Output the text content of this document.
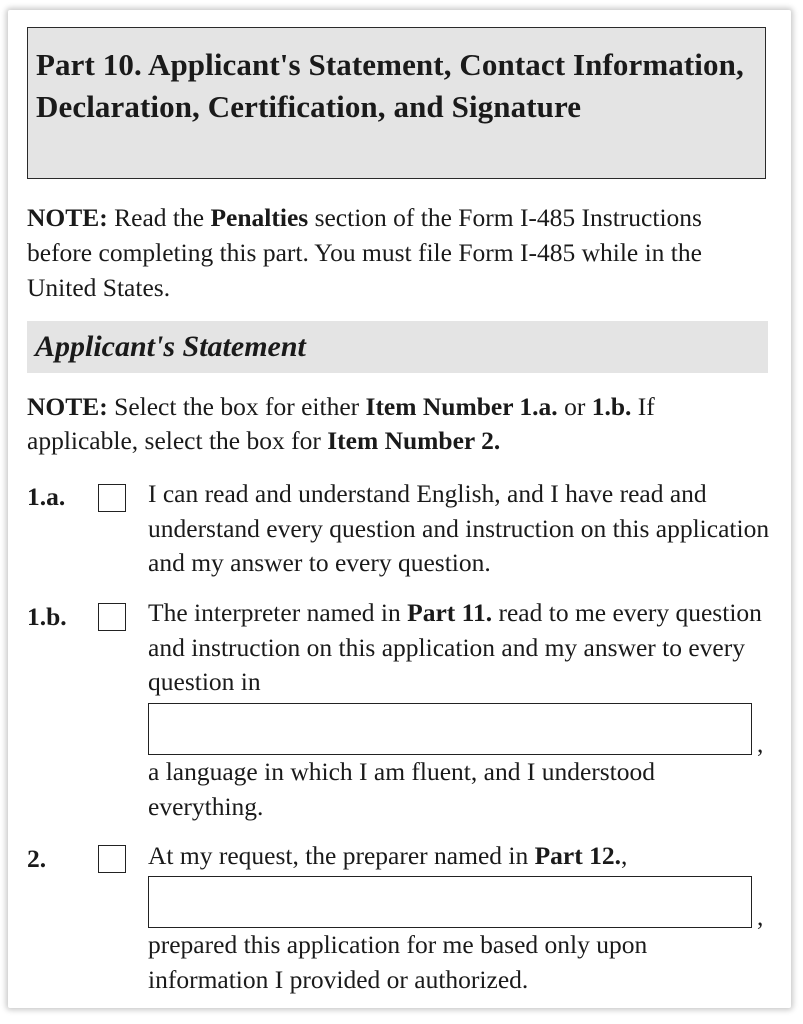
Part 10. Applicant's Statement, Contact Information, Declaration, Certification, and Signature
NOTE: Read the Penalties section of the Form I-485 Instructions before completing this part. You must file Form I-485 while in the United States.
Applicant's Statement
NOTE: Select the box for either Item Number 1.a. or 1.b. If applicable, select the box for Item Number 2.
1.a.	I can read and understand English, and I have read and understand every question and instruction on this application and my answer to every question.
1.b.	The interpreter named in Part 11. read to me every question and instruction on this application and my answer to every question in
,
a language in which I am fluent, and I understood everything.
2.	At my request, the preparer named in Part 12.,
,
prepared this application for me based only upon information I provided or authorized.
